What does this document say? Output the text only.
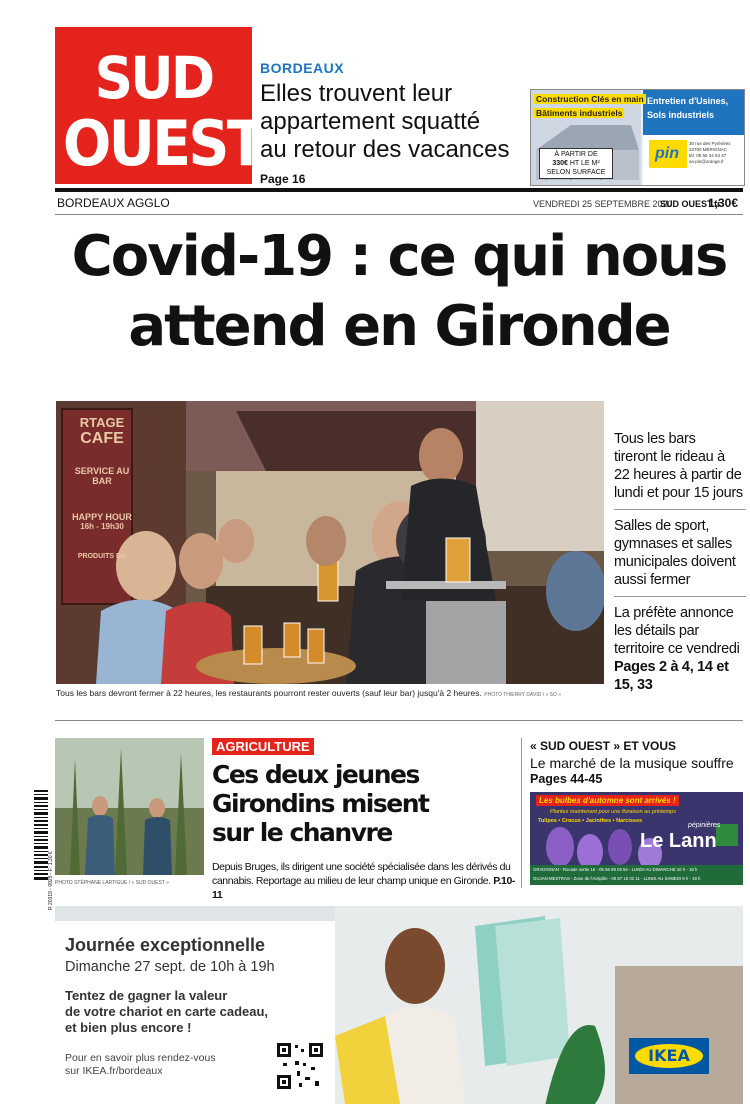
SUD
OUEST
BORDEAUX
Elles trouvent leur
appartement squatté
au retour des vacances
Page 16
Construction Clés en main
Bâtiments industriels
Entretien d'Usines,
Sols industriels
À PARTIR DE
330€ HT LE M²
SELON SURFACE
pin
30 rue des Pyrénées 33700 MÉRIGNAC
tél. 05 56 34 64 47
sa-pin@orange.fr
BORDEAUX AGGLO	VENDREDI 25 SEPTEMBRE 2020
SUD OUEST.fr
1,30€
Covid-19 : ce qui nous
attend en Gironde
RTAGE
CAFE
SERVICE AU BAR
HAPPY HOUR
16h - 19h30
PRODUITS DU
Tous les bars devront fermer à 22 heures, les restaurants pourront rester ouverts (sauf leur bar) jusqu'à 2 heures. PHOTO THIERRY DAVID / « SO »

Tous les bars

tireront le rideau à

22 heures à partir de

lundi et pour 15 jours

Salles de sport,

gymnases et salles

municipales doivent

aussi fermer

La préfète annonce

les détails par

territoire ce vendredi

Pages 2 à 4, 14 et 15, 33

PHOTO STÉPHANE LARTIGUE / « SUD OUEST »
AGRICULTURE
Ces deux jeunes
Girondins misent
sur le chanvre
Depuis Bruges, ils dirigent une société spécialisée dans les dérivés du
cannabis. Reportage au milieu de leur champ unique en Gironde. P.10-11
« SUD OUEST » ET VOUS
Le marché de la musique souffre
Pages 44-45
Les bulbes d'automne sont arrivés !
Plantez maintenant pour une floraison au printemps
Tulipes • Crocus • Jacinthes • Narcisses
pépinières
Le Lann
GRADIGNAN - Rocade sortie 16 - 05 56 89 03 54 - LUNDI AU DIMANCHE 10 h - 19 h
GUJAN-MESTRAS - Zone de l'Actipôle - 05 57 15 02 11 - LUNDI AU SAMEDI 9 h - 19 h
R 20319 - 0925 - F: 1,30 €
Journée exceptionnelle
Dimanche 27 sept. de 10h à 19h
Tentez de gagner la valeur
de votre chariot en carte cadeau,
et bien plus encore !
Pour en savoir plus rendez-vous
sur IKEA.fr/bordeaux
IKEA
